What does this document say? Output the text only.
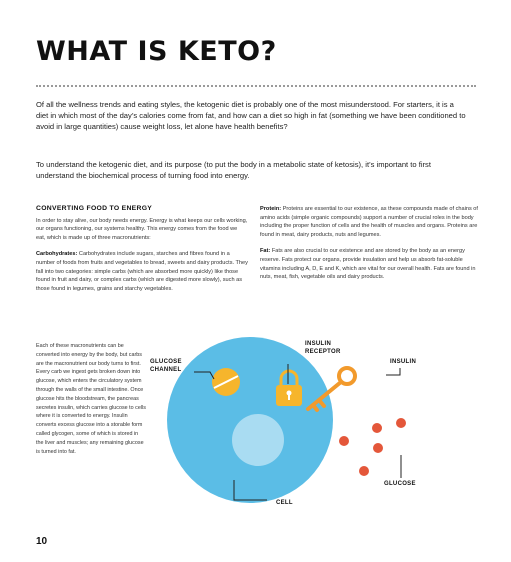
WHAT IS KETO?

Of all the wellness trends and eating styles, the ketogenic diet is probably one of the most misunderstood. For starters, it is a diet in which most of the day’s calories come from fat, and how can a diet so high in fat (something we have been conditioned to avoid in large quantities) cause weight loss, let alone have health benefits?

To understand the ketogenic diet, and its purpose (to put the body in a metabolic state of ketosis), it’s important to first understand the biochemical process of turning food into energy.

CONVERTING FOOD TO ENERGY

In order to stay alive, our body needs energy. Energy is what keeps our cells working, our organs functioning, our systems healthy. This energy comes from the food we eat, which is made up of three macronutrients:

Carbohydrates: Carbohydrates include sugars, starches and fibres found in a number of foods from fruits and vegetables to bread, sweets and dairy products. They fall into two categories: simple carbs (which are absorbed more quickly) like those found in fruit and dairy, or complex carbs (which are digested more slowly), such as those found in legumes, grains and starchy vegetables.

Protein: Proteins are essential to our existence, as these compounds made of chains of amino acids (simple organic compounds) support a number of crucial roles in the body including the proper function of cells and the health of muscles and organs. Proteins are found in meat, dairy products, nuts and legumes.

Fat: Fats are also crucial to our existence and are stored by the body as an energy reserve. Fats protect our organs, provide insulation and help us absorb fat-soluble vitamins including A, D, E and K, which are vital for our overall health. Fats are found in nuts, meat, fish, vegetable oils and dairy products.

Each of these macronutrients can be converted into energy by the body, but carbs are the macronutrient our body turns to first. Every carb we ingest gets broken down into glucose, which enters the circulatory system through the walls of the small intestine. Once glucose hits the bloodstream, the pancreas secretes insulin, which carries glucose to cells where it is converted to energy. Insulin converts excess glucose into a storable form called glycogen, some of which is stored in the liver and muscles; any remaining glucose is turned into fat.

GLUCOSE
CHANNEL
INSULIN
RECEPTOR
INSULIN
GLUCOSE
CELL
10
